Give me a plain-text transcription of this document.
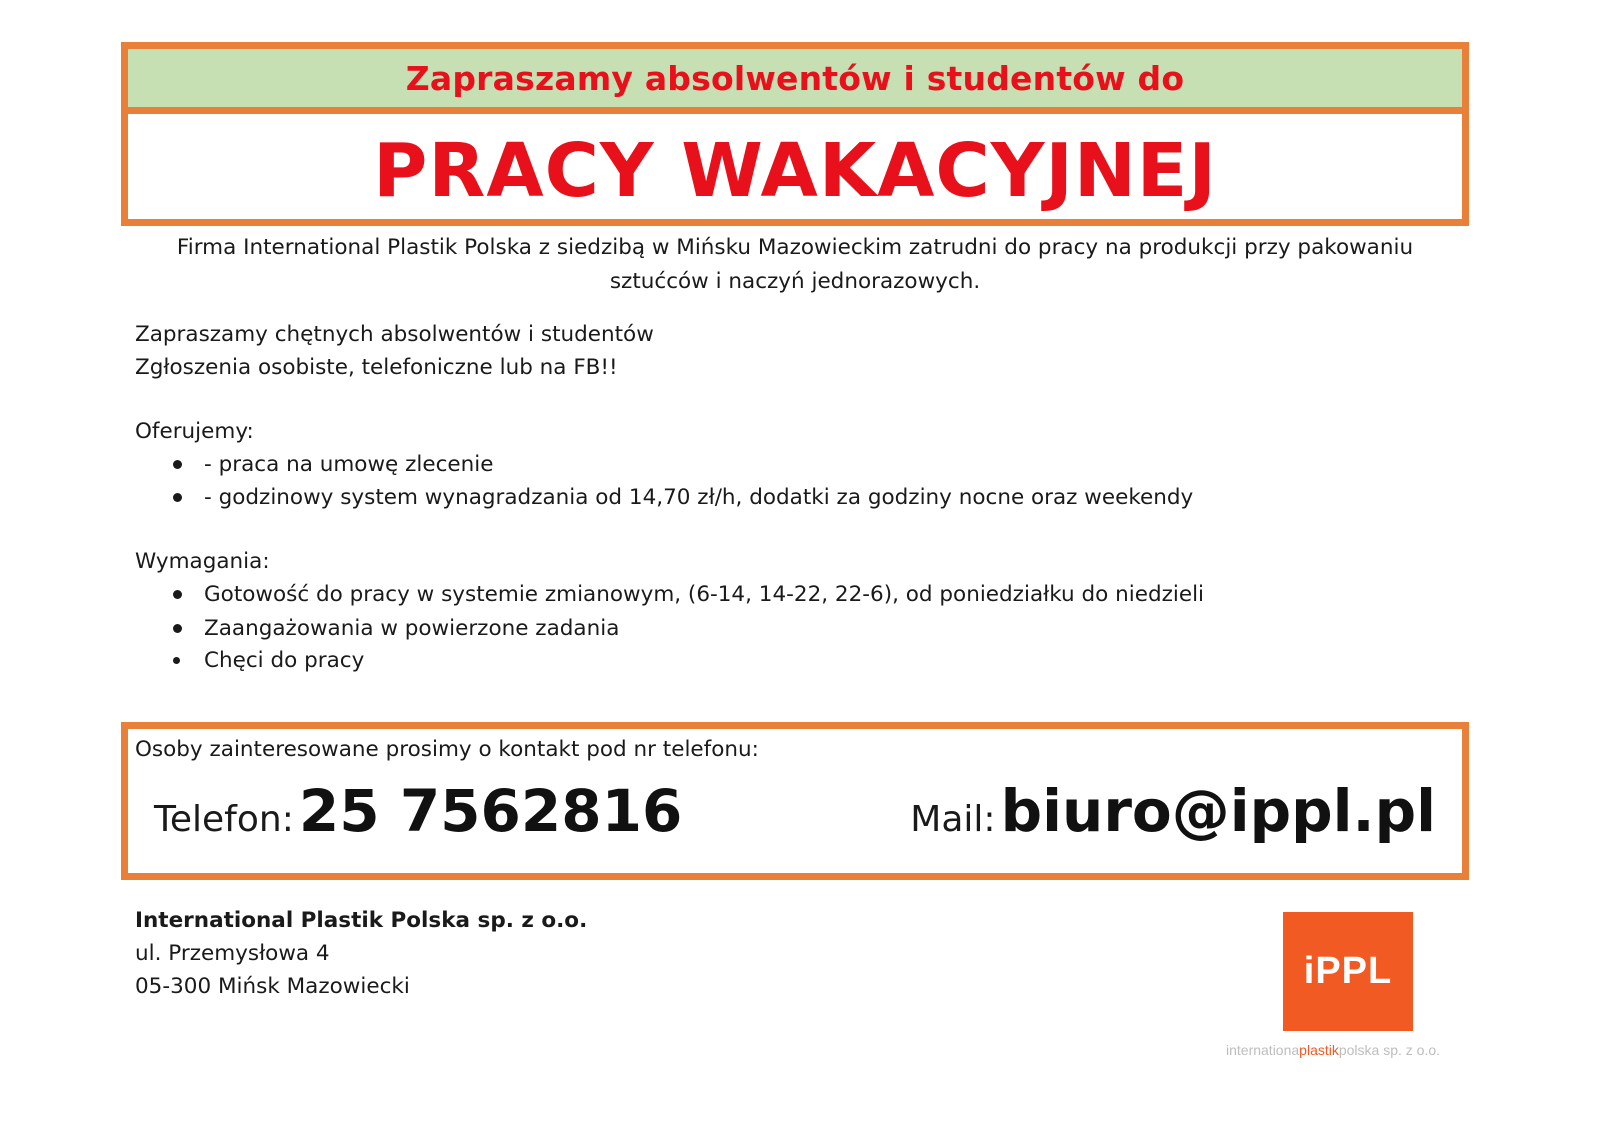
Zapraszamy absolwentów i studentów do
PRACY WAKACYJNEJ
Firma International Plastik Polska z siedzibą w Mińsku Mazowieckim zatrudni do pracy na produkcji przy pakowaniu
sztućców i naczyń jednorazowych.
Zapraszamy chętnych absolwentów i studentów
Zgłoszenia osobiste, telefoniczne lub na FB!!
Oferujemy:
- praca na umowę zlecenie
- godzinowy system wynagradzania od 14,70 zł/h, dodatki za godziny nocne oraz weekendy
Wymagania:
Gotowość do pracy w systemie zmianowym, (6-14, 14-22, 22-6), od poniedziałku do niedzieli
Zaangażowania w powierzone zadania
Chęci do pracy
Osoby zainteresowane prosimy o kontakt pod nr telefonu:
Telefon: 25 7562816	Mail: biuro@ippl.pl
International Plastik Polska sp. z o.o.
ul. Przemysłowa 4
05-300 Mińsk Mazowiecki	iPPL
internationaplastikpolska sp. z o.o.
